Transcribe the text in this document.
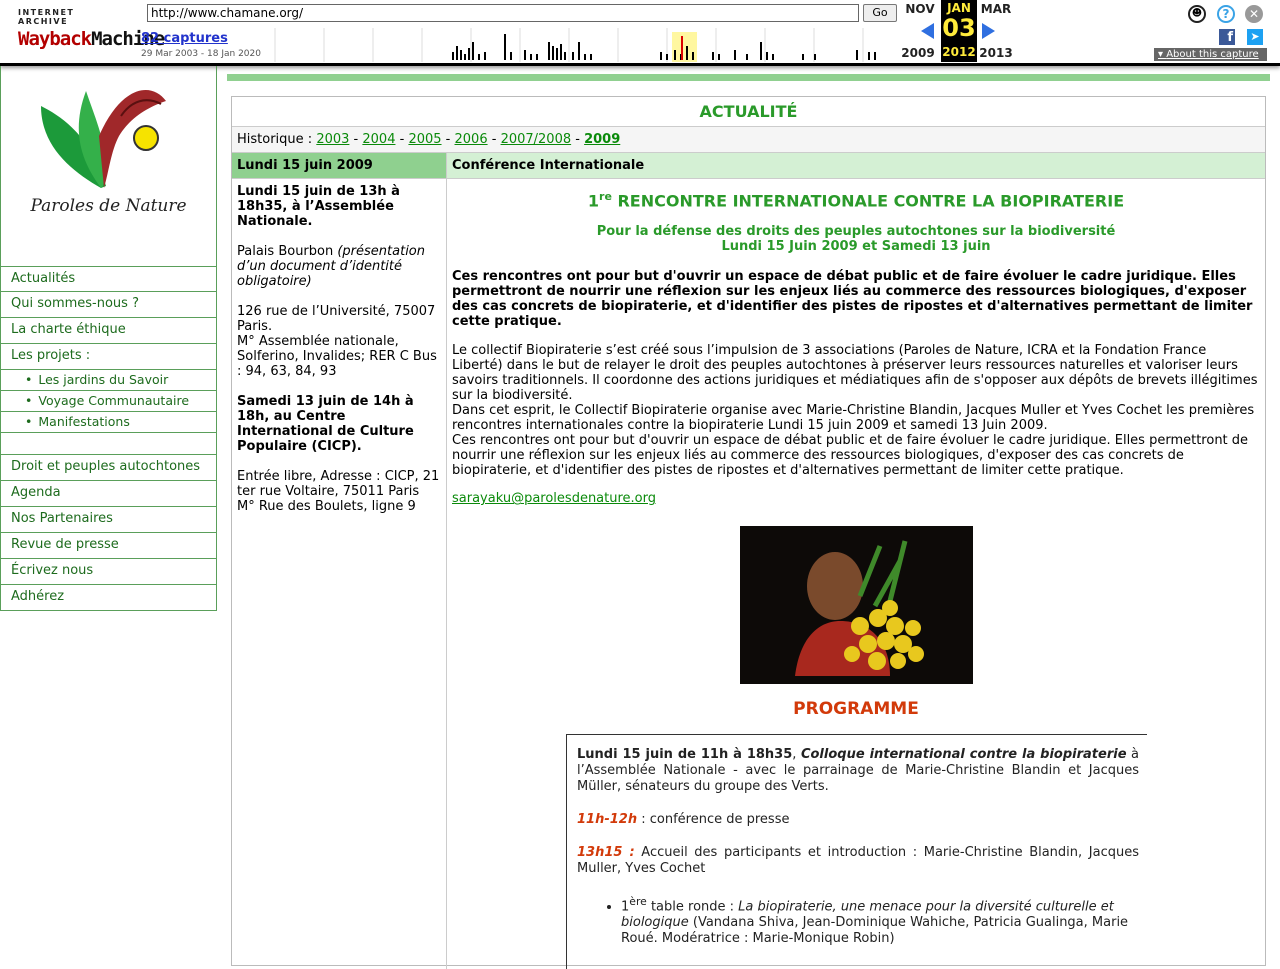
INTERNET ARCHIVE
WaybackMachine
http://www.chamane.org/
Go
82 captures
29 Mar 2003 - 18 Jan 2020
NOV	MAR
2009	2013
JAN
03
2012
☻	?	✕
f	➤
▾ About this capture
Paroles de Nature
Actualités
Qui sommes-nous ?
La charte éthique
Les projets :
• Les jardins du Savoir
• Voyage Communautaire
• Manifestations
Droit et peuples autochtones
Agenda
Nos Partenaires
Revue de presse
Écrivez nous
Adhérez
ACTUALITÉ
Historique : 2003 - 2004 - 2005 - 2006 - 2007/2008 - 2009
Lundi 15 juin 2009	Conférence Internationale

Lundi 15 juin de 13h à 18h35, à l’Assemblée Nationale.

Palais Bourbon (présentation d’un document d’identité obligatoire)

126 rue de l’Université, 75007 Paris.
M° Assemblée nationale, Solferino, Invalides; RER C Bus : 94, 63, 84, 93

Samedi 13 juin de 14h à 18h, au Centre International de Culture Populaire (CICP).

Entrée libre, Adresse : CICP, 21 ter rue Voltaire, 75011 Paris M° Rue des Boulets, ligne 9

1re RENCONTRE INTERNATIONALE CONTRE LA BIOPIRATERIE
Pour la défense des droits des peuples autochtones sur la biodiversité
Lundi 15 Juin 2009 et Samedi 13 juin
Ces rencontres ont pour but d'ouvrir un espace de débat public et de faire évoluer le cadre juridique. Elles permettront de nourrir une réflexion sur les enjeux liés au commerce des ressources biologiques, d'exposer des cas concrets de biopiraterie, et d'identifier des pistes de ripostes et d'alternatives permettant de limiter cette pratique.
Le collectif Biopiraterie s’est créé sous l’impulsion de 3 associations (Paroles de Nature, ICRA et la Fondation France Liberté) dans le but de relayer le droit des peuples autochtones à préserver leurs ressources naturelles et valoriser leurs savoirs traditionnels. Il coordonne des actions juridiques et médiatiques afin de s'opposer aux dépôts de brevets illégitimes sur la biodiversité.
Dans cet esprit, le Collectif Biopiraterie organise avec Marie-Christine Blandin, Jacques Muller et Yves Cochet les premières rencontres internationales contre la biopiraterie Lundi 15 juin 2009 et samedi 13 Juin 2009.
Ces rencontres ont pour but d'ouvrir un espace de débat public et de faire évoluer le cadre juridique. Elles permettront de nourrir une réflexion sur les enjeux liés au commerce des ressources biologiques, d'exposer des cas concrets de biopiraterie, et d'identifier des pistes de ripostes et d'alternatives permettant de limiter cette pratique.
sarayaku@parolesdenature.org
PROGRAMME

Lundi 15 juin de 11h à 18h35, Colloque international contre la biopiraterie à l’Assemblée Nationale - avec le parrainage de Marie-Christine Blandin et Jacques Müller, sénateurs du groupe des Verts.

11h-12h : conférence de presse

13h15 : Accueil des participants et introduction : Marie-Christine Blandin, Jacques Muller, Yves Cochet

• 1ère table ronde : La biopiraterie, une menace pour la diversité culturelle et biologique (Vandana Shiva, Jean-Dominique Wahiche, Patricia Gualinga, Marie Roué. Modératrice : Marie-Monique Robin)
